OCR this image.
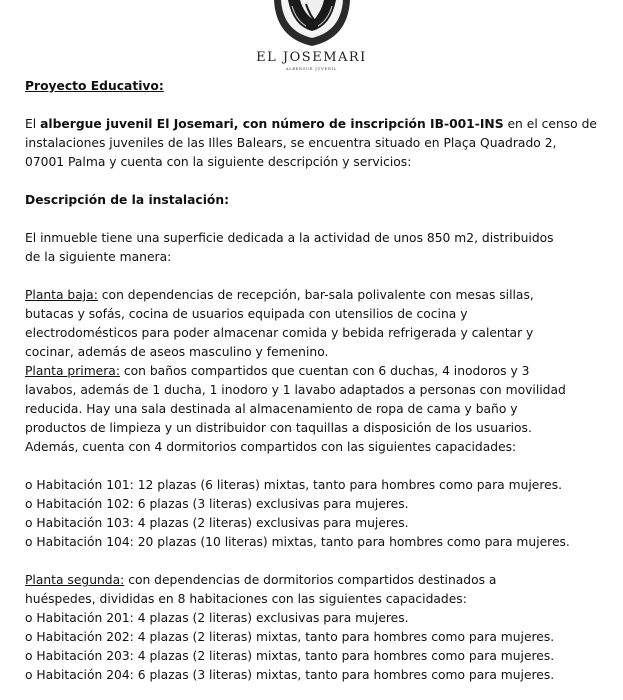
EL JOSEMARI
ALBERGUE JUVENIL

Proyecto Educativo:

El albergue juvenil El Josemari, con número de inscripción IB-001-INS en el censo de

instalaciones juveniles de las Illes Balears, se encuentra situado en Plaça Quadrado 2,

07001 Palma y cuenta con la siguiente descripción y servicios:

Descripción de la instalación:

El inmueble tiene una superficie dedicada a la actividad de unos 850 m2, distribuidos

de la siguiente manera:

Planta baja: con dependencias de recepción, bar-sala polivalente con mesas sillas,

butacas y sofás, cocina de usuarios equipada con utensilios de cocina y

electrodomésticos para poder almacenar comida y bebida refrigerada y calentar y

cocinar, además de aseos masculino y femenino.

Planta primera: con baños compartidos que cuentan con 6 duchas, 4 inodoros y 3

lavabos, además de 1 ducha, 1 inodoro y 1 lavabo adaptados a personas con movilidad

reducida. Hay una sala destinada al almacenamiento de ropa de cama y baño y

productos de limpieza y un distribuidor con taquillas a disposición de los usuarios.

Además, cuenta con 4 dormitorios compartidos con las siguientes capacidades:

o Habitación 101: 12 plazas (6 literas) mixtas, tanto para hombres como para mujeres.

o Habitación 102: 6 plazas (3 literas) exclusivas para mujeres.

o Habitación 103: 4 plazas (2 literas) exclusivas para mujeres.

o Habitación 104: 20 plazas (10 literas) mixtas, tanto para hombres como para mujeres.

Planta segunda: con dependencias de dormitorios compartidos destinados a

huéspedes, divididas en 8 habitaciones con las siguientes capacidades:

o Habitación 201: 4 plazas (2 literas) exclusivas para mujeres.

o Habitación 202: 4 plazas (2 literas) mixtas, tanto para hombres como para mujeres.

o Habitación 203: 4 plazas (2 literas) mixtas, tanto para hombres como para mujeres.

o Habitación 204: 6 plazas (3 literas) mixtas, tanto para hombres como para mujeres.
